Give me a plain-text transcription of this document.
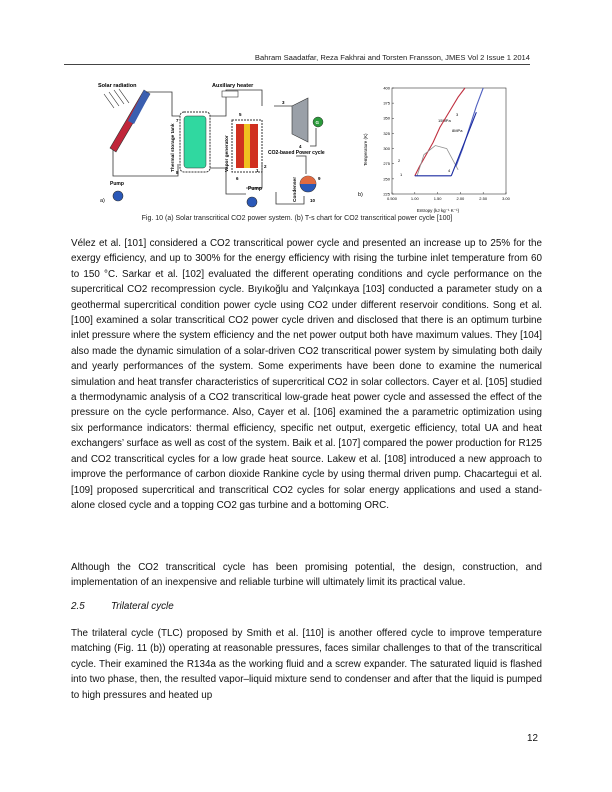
Bahram Saadatfar, Reza Fakhrai and Torsten Fransson, JMES Vol 2 Issue 1 2014
Solar radiation
Thermal storage tank
Auxiliary heater
Vapor generator
G
CO2-based Power cycle
Condenser
Pump
Pump
a)
1
2
3
4
5
6
7
8
9
10
b)
Temperature (K)
Entropy (kJ kg⁻¹ K⁻¹)
15MPa
8MPa
1
2
3
4
0.500	1.00	1.50	2.00	2.50	3.00
225
250
275
300
325
350
375
400
Fig. 10 (a) Solar transcritical CO2 power system. (b) T-s chart for CO2 transcritical power cycle [100]

Vélez et al. [101] considered a CO2 transcritical power cycle and presented an increase up to 25% for the exergy efficiency, and up to 300% for the energy efficiency with rising the turbine inlet temperature from 60 to 150 °C. Sarkar et al. [102] evaluated the different operating conditions and cycle performance on the supercritical CO2 recompression cycle. Bıyıkoğlu and Yalçınkaya [103] conducted a parameter study on a geothermal supercritical condition power cycle using CO2 under different reservoir conditions. Song et al. [100] examined a solar transcritical CO2 power cycle driven and disclosed that there is an optimum turbine inlet pressure where the system efficiency and the net power output both have maximum values. They [104] also made the dynamic simulation of a solar-driven CO2 transcritical power system by simulating both daily and yearly performances of the system. Some experiments have been done to examine the numerical simulation and heat transfer characteristics of supercritical CO2 in solar collectors. Cayer et al. [105] studied a thermodynamic analysis of a CO2 transcritical low-grade heat power cycle and assessed the effect of the pressure on the cycle performance. Also, Cayer et al. [106] examined the a parametric optimization using six performance indicators: thermal efficiency, specific net output, exergetic efficiency, total UA and heat exchangers’ surface as well as cost of the system. Baik et al. [107] compared the power production for R125 and CO2 transcritical cycles for a low grade heat source. Lakew et al. [108] introduced a new approach to improve the performance of carbon dioxide Rankine cycle by using thermal driven pump. Chacartegui et al. [109] proposed supercritical and transcritical CO2 cycles for solar energy applications and used a stand-alone closed cycle and a topping CO2 gas turbine and a bottoming ORC.

Although the CO2 transcritical cycle has been promising potential, the design, construction, and implementation of an inexpensive and reliable turbine will ultimately limit its practical value.

2.5	Trilateral cycle

The trilateral cycle (TLC) proposed by Smith et al. [110] is another offered cycle to improve temperature matching (Fig. 11 (b)) operating at reasonable pressures, faces similar challenges to that of the transcritical cycle. Their examined the R134a as the working fluid and a screw expander. The saturated liquid is flashed into two phase, then, the resulted vapor–liquid mixture send to condenser and after that the liquid is pumped to high pressures and heated up

12
